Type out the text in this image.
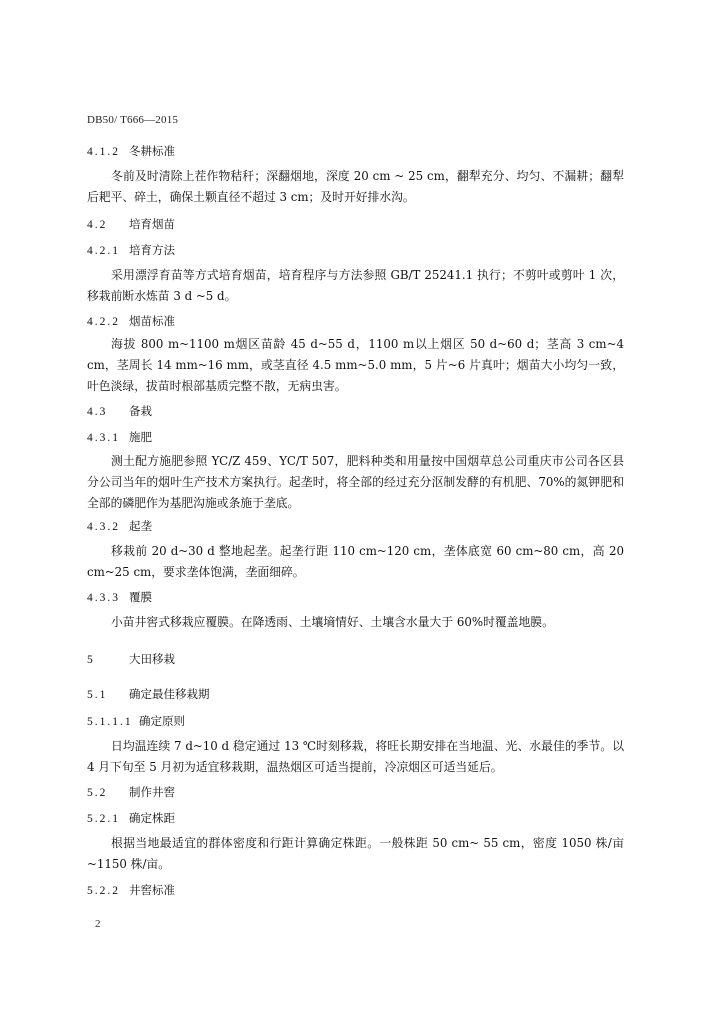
DB50/ T666—2015
4.1.2 冬耕标准
冬前及时清除上茬作物秸秆；深翻烟地，深度 20 cm ~ 25 cm，翻犁充分、均匀、不漏耕；翻犁后耙平、碎土，确保土颗直径不超过 3 cm；及时开好排水沟。
4.2 培育烟苗
4.2.1 培育方法
采用漂浮育苗等方式培育烟苗，培育程序与方法参照 GB/T 25241.1 执行；不剪叶或剪叶 1 次，移栽前断水炼苗 3 d ~5 d。
4.2.2 烟苗标准
海拔 800 m~1100 m烟区苗龄 45 d~55 d，1100 m以上烟区 50 d~60 d；茎高 3 cm~4 cm，茎周长 14 mm~16 mm，或茎直径 4.5 mm~5.0 mm，5 片~6 片真叶；烟苗大小均匀一致，叶色淡绿，拔苗时根部基质完整不散，无病虫害。
4.3 备栽
4.3.1 施肥
测土配方施肥参照 YC/Z 459、YC/T 507，肥料种类和用量按中国烟草总公司重庆市公司各区县分公司当年的烟叶生产技术方案执行。起垄时，将全部的经过充分沤制发酵的有机肥、70%的氮钾肥和全部的磷肥作为基肥沟施或条施于垄底。
4.3.2 起垄
移栽前 20 d~30 d 整地起垄。起垄行距 110 cm~120 cm，垄体底宽 60 cm~80 cm，高 20 cm~25 cm，要求垄体饱满，垄面细碎。
4.3.3 覆膜
小苗井窖式移栽应覆膜。在降透雨、土壤墒情好、土壤含水量大于 60%时覆盖地膜。
5	大田移栽
5.1 确定最佳移栽期
5.1.1.1 确定原则
日均温连续 7 d~10 d 稳定通过 13 ℃时刻移栽，将旺长期安排在当地温、光、水最佳的季节。以 4 月下旬至 5 月初为适宜移栽期，温热烟区可适当提前，冷凉烟区可适当延后。
5.2 制作井窖
5.2.1 确定株距
根据当地最适宜的群体密度和行距计算确定株距。一般株距 50 cm~ 55 cm，密度 1050 株/亩~1150 株/亩。
5.2.2 井窖标准
2
